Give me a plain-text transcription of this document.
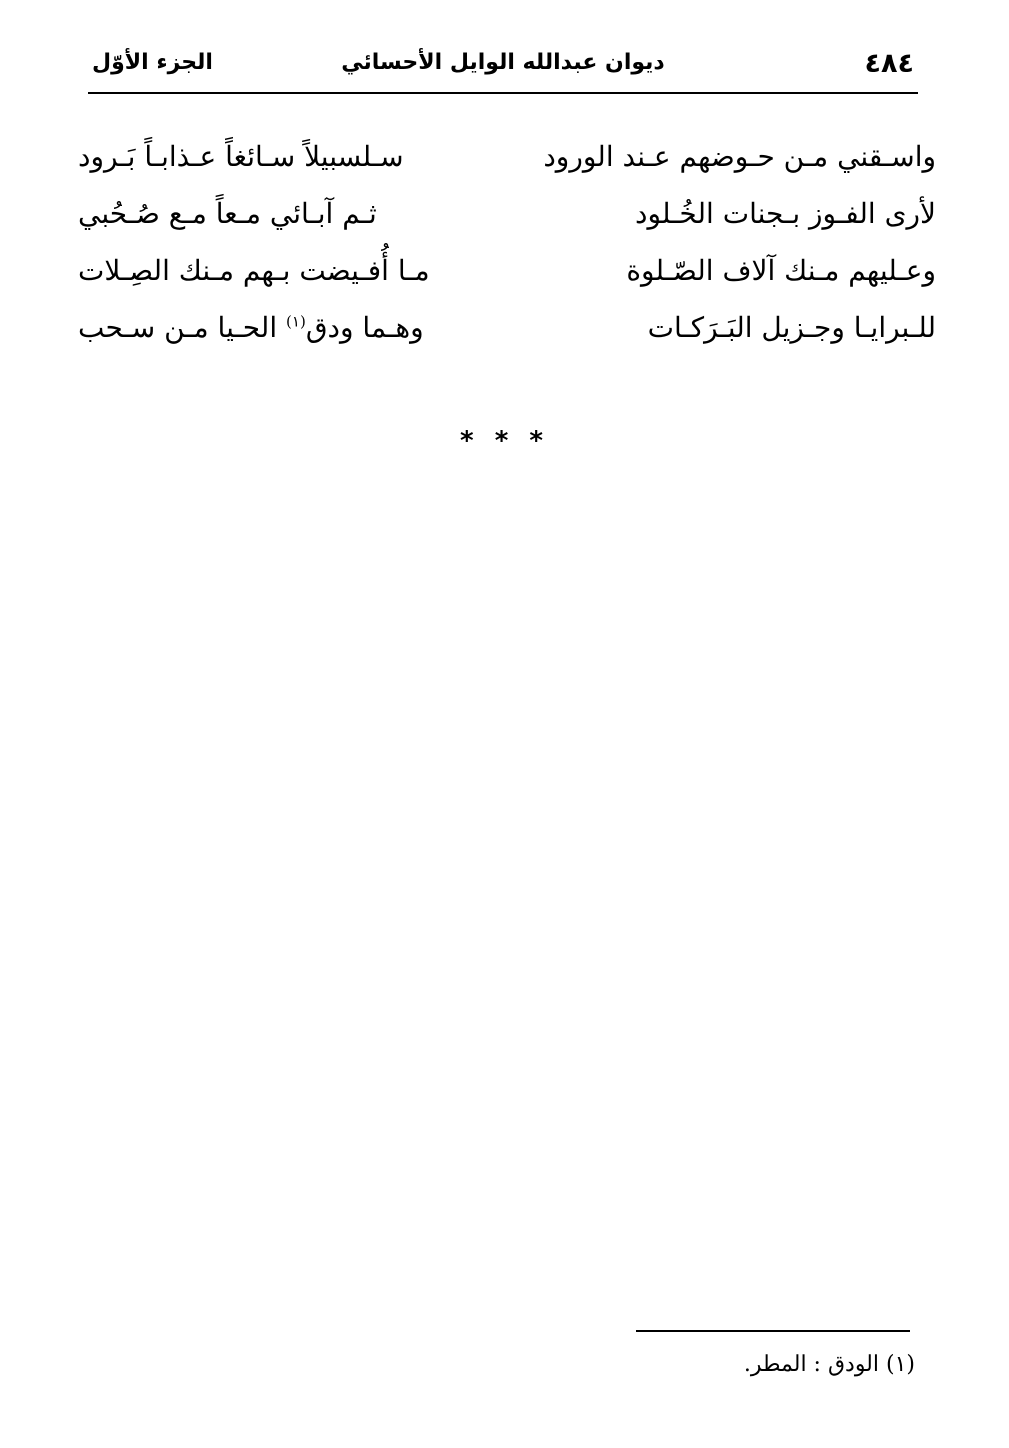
٤٨٤
ديوان عبدالله الوايل الأحسائي
الجزء الأوّل
واسـقني مـن حـوضهم عـند الورود
سـلسبيلاً سـائغاً عـذابـاً بَـرود
لأرى الفـوز بـجنات الخُـلود
ثـم آبـائي مـعاً مـع صُـحُبي
وعـليهم مـنك آلاف الصّـلوة
مـا أُفـيضت بـهم مـنك الصِـلات
للـبرايـا وجـزيل البَـرَكـات
وهـما ودق$^{(١)}$ الحـيا مـن سـحب
* * *
(١) الودق : المطر.
